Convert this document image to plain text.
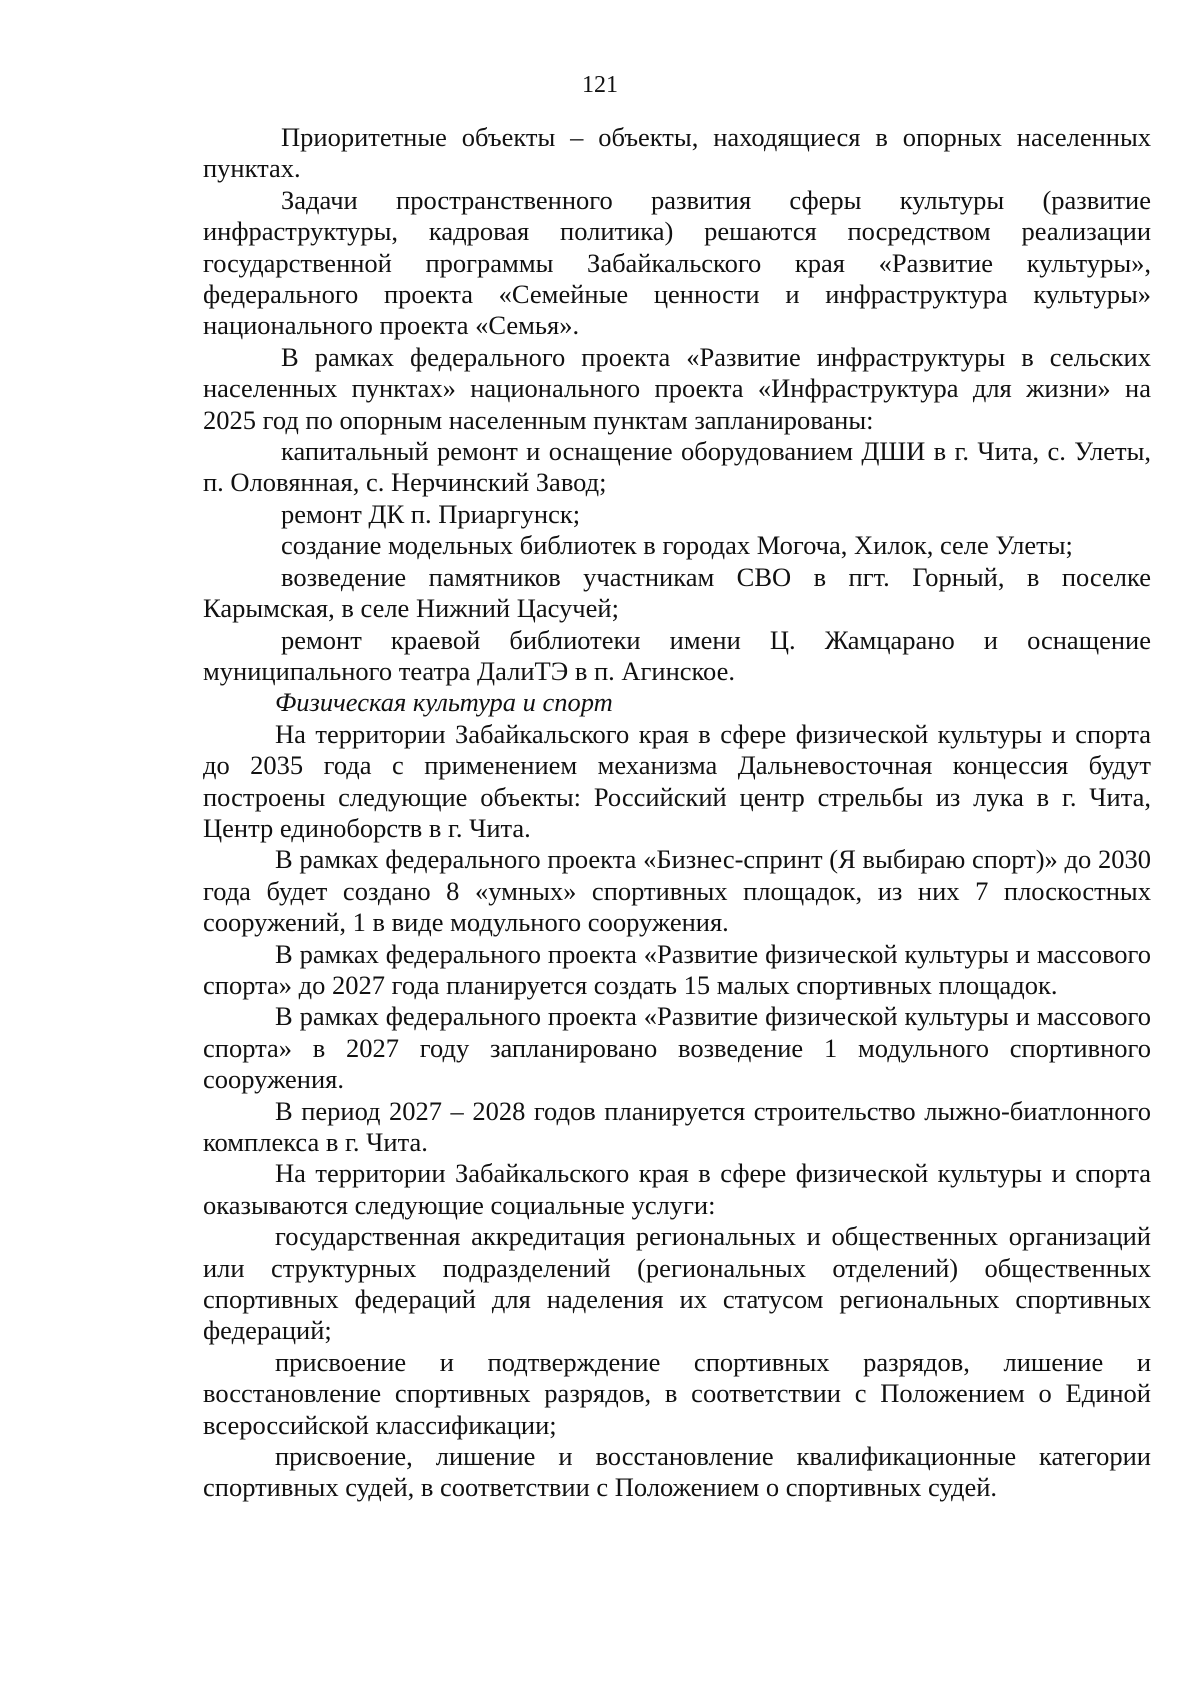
121

Приоритетные объекты – объекты, находящиеся в опорных населенных пунктах.

Задачи пространственного развития сферы культуры (развитие инфраструктуры, кадровая политика) решаются посредством реализации государственной программы Забайкальского края «Развитие культуры», федерального проекта «Семейные ценности и инфраструктура культуры» национального проекта «Семья».

В рамках федерального проекта «Развитие инфраструктуры в сельских населенных пунктах» национального проекта «Инфраструктура для жизни» на 2025 год по опорным населенным пунктам запланированы:

капитальный ремонт и оснащение оборудованием ДШИ в г. Чита, с. Улеты, п. Оловянная, с. Нерчинский Завод;

ремонт ДК п. Приаргунск;

создание модельных библиотек в городах Могоча, Хилок, селе Улеты;

возведение памятников участникам СВО в пгт. Горный, в поселке Карымская, в селе Нижний Цасучей;

ремонт краевой библиотеки имени Ц. Жамцарано и оснащение муниципального театра ДалиТЭ в п. Агинское.

Физическая культура и спорт

На территории Забайкальского края в сфере физической культуры и спорта до 2035 года с применением механизма Дальневосточная концессия будут построены следующие объекты: Российский центр стрельбы из лука в г. Чита, Центр единоборств в г. Чита.

В рамках федерального проекта «Бизнес-спринт (Я выбираю спорт)» до 2030 года будет создано 8 «умных» спортивных площадок, из них 7 плоскостных сооружений, 1 в виде модульного сооружения.

В рамках федерального проекта «Развитие физической культуры и массового спорта» до 2027 года планируется создать 15 малых спортивных площадок.

В рамках федерального проекта «Развитие физической культуры и массового спорта» в 2027 году запланировано возведение 1 модульного спортивного сооружения.

В период 2027 – 2028 годов планируется строительство лыжно-биатлонного комплекса в г. Чита.

На территории Забайкальского края в сфере физической культуры и спорта оказываются следующие социальные услуги:

государственная аккредитация региональных и общественных организаций или структурных подразделений (региональных отделений) общественных спортивных федераций для наделения их статусом региональных спортивных федераций;

присвоение и подтверждение спортивных разрядов, лишение и восстановление спортивных разрядов, в соответствии с Положением о Единой всероссийской классификации;

присвоение, лишение и восстановление квалификационные категории спортивных судей, в соответствии с Положением о спортивных судей.
